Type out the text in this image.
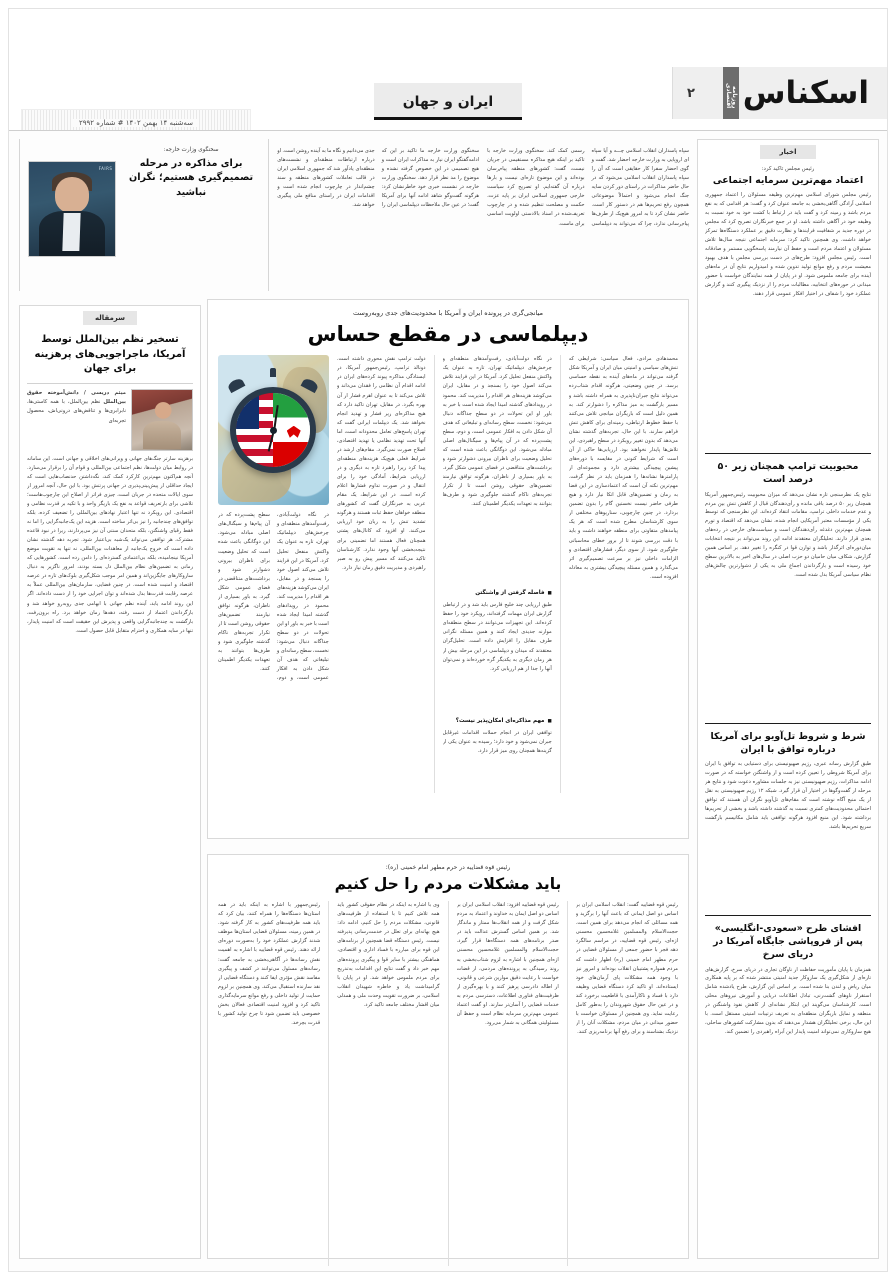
اسکناس
روزنامه اقتصادی
۲
ایران و جهان
سه‌شنبه ۱۴ بهمن ۱۴۰۲ # شماره ۲۹۹۲
سپاه پاسداران انقلاب اسلامی چـــه و آیا سپاه ای اروپایی به وزارت خارجه احضار شد. گفت و گوی احضار سفرا کار حقایقی است که آن را سپاه پاسداران انقلاب اسلامی می‌شود که در حال حاضر مذاکرات در راستای دور کردن سایه جنگ انجام می‌شود و احتمالاً موضوعاتی همچون رفع تحریم‌ها هم در دستور کار است. حاضر نشان کرد تا به امروز هیچ‌یک از طرف‌ها پیام‌رسانی ندارد، چرا که می‌تواند به دیپلماسی رسمی کمک کند. سخنگوی وزارت خارجه با تاکید بر اینکه هیچ مذاکره مستقیمی در جریان نیست، گفت: کشورهای منطقه پیام‌رسان بوده‌اند و این موضوع تازه‌ای نیست و بارها درباره آن گفته‌ایم. او تصریح کرد سیاست خارجی جمهوری اسلامی ایران بر پایه عزت، حکمت و مصلحت تنظیم شده و در چارچوب تعریف‌شده در اسناد بالادستی اولویت اساسی برای ماست.
سخنگوی وزارت خارجه ما تاکید بر این که ادامه‌گفتگو ایران نیاز به مذاکرات ایران است و هیچ تصمیمی در این خصوص گرفته نشده و موضوع را مد نظر قرار دهد. سخنگوی وزارت خارجه در نشست خبری خود خاطرنشان کرد: هرگونه گفت‌وگو شاهد ادامه آنها برای آمریکا گفت؛ در عین حال ملاحظات دیپلماسی ایران را جدی می‌دانیم و نگاه ما به آینده روشن است. او درباره ارتباطات منطقه‌ای و نشست‌های منطقه‌ای یادآور شد که جمهوری اسلامی ایران در قالب تعاملات کشورهای منطقه و سند چشم‌انداز در چارچوب انجام شده است و اقدامات ایران در راستای منافع ملی پیگیری خواهد شد.
سخنگوی وزارت خارجه:
برای مذاکره در مرحله تصمیم‌گیری هستیم؛ نگران نباشید
FAIRS
میانجی‌گری در پرونده ایران و آمریکا با محدودیت‌های جدی روبه‌روست
دیپلماسی در مقطع حساس
محمدهادی مرادی، فعال سیاسی: شرایطی که تنش‌های سیاسی و امنیتی میان ایران و آمریکا شکل گرفته می‌تواند در ماه‌های آینده به نقطه حساسی برسد. در چنین وضعیتی، هرگونه اقدام شتاب‌زده می‌تواند نتایج جبران‌ناپذیری به همراه داشته باشد و مسیر بازگشت به میز مذاکره را دشوارتر کند. به همین دلیل است که بازیگران میانجی تلاش می‌کنند با حفظ خطوط ارتباطی، زمینه‌ای برای کاهش تنش فراهم سازند. با این حال، تجربه‌های گذشته نشان می‌دهد که بدون تغییر رویکرد در سطح راهبردی، این تلاش‌ها پایدار نخواهند بود. ارزیابی‌ها حاکی از آن است که شرایط کنونی در مقایسه با دوره‌های پیشین پیچیدگی بیشتری دارد و مجموعه‌ای از پارامترها نشانه‌ها را همزمان باید در نظر گرفت. مهم‌ترین نکته آن است که اعتمادسازی در این فضا به زمان و تضمین‌های قابل اتکا نیاز دارد و هیچ طرفی حاضر نیست نخستین گام را بدون تضمین بردارد. در چنین چارچوبی، سناریوهای مختلفی از سوی کارشناسان مطرح شده است که هر یک پیامدهای متفاوتی برای منطقه خواهند داشت و باید با دقت بررسی شوند تا از بروز خطای محاسباتی جلوگیری شود. از سوی دیگر، فشارهای اقتصادی و الزامات داخلی نیز بر سرعت تصمیم‌گیری اثر می‌گذارد و همین مسئله پیچیدگی بیشتری به معادله افزوده است.
در نگاه دولت‌آبادی، رفت‌وآمدهای منطقه‌ای و چرخش‌های دیپلماتیک تهران، تازه به عنوان یک واکنش منفعل تحلیل کرد. آمریکا در این فرایند تلاش می‌کند اصول خود را بسنجد و در مقابل، ایران می‌کوشد هزینه‌های هر اقدام را مدیریت کند. محمود در رویدادهای گذشته امیدا ایجاد شده است با خبر به باور او این تحولات در دو سطح جداگانه دنبال می‌شود: نخست، سطح رسانه‌ای و تبلیغاتی که هدف آن شکل دادن به افکار عمومی است، و دوم، سطح پشت‌پرده که در آن پیام‌ها و سیگنال‌های اصلی مبادله می‌شود. این دوگانگی باعث شده است که تحلیل وضعیت برای ناظران بیرونی دشوارتر شود و برداشت‌های متناقضی در فضای عمومی شکل گیرد. به باور بسیاری از ناظران، هرگونه توافق نیازمند تضمین‌های حقوقی روشن است تا از تکرار تجربه‌های ناکام گذشته جلوگیری شود و طرف‌ها بتوانند به تعهدات یکدیگر اطمینان کنند.
■ فاصله گرفتن از واشنگتن
طبق ارزیابی چند خلیج فارس باید شد و در ارتباطی گزارش ایران مهمات گرفته‌اند، رویکرد خود را حفظ کرده‌اند. این تجهیزات می‌توانند در سطح منطقه‌ای موازنه جدیدی ایجاد کنند و همین مسئله نگرانی طرف مقابل را افزایش داده است. تحلیل‌گران معتقدند که میدان و دیپلماسی در این مرحله بیش از هر زمان دیگری به یکدیگر گره خورده‌اند و نمی‌توان آنها را جدا از هم ارزیابی کرد.
■ مهم مذاکره‌ای امکان‌پذیر نیست؟
توافقی ایران در انجام حملات اقدامات غیرقابل جبران نمی‌شود و خود دارد؛ رسیده به عنوان یکی از گزینه‌ها همچنان روی میز قرار دارد.
دولت ترامپ نقش محوری داشته است. دونالد ترامپ، رئیس‌جمهور آمریکا، در ایستادگی مذاکره پیوند کرده‌های ایران در ادامه اقدام آن نظامی را فقدان می‌داند و تلاش می‌کند تا به عنوان اهرم فشار از آن بهره بگیرد. در مقابل، تهران تاکید دارد که هیچ مذاکره‌ای زیر فشار و تهدید انجام نخواهد شد. یک دیپلمات ایرانی گفت که تهران پاسخ‌های تعامل محدودانه است، اما آنها تحت تهدید نظامی یا تهدید اقتصادی، اصلاح صورت نمی‌گیرد. مقام‌های ارشد در شرایط فعلی هیچ‌یک هزینه‌های منطقه‌ای پیدا کرد زیرا راهبرد تازه به دیگری و در ارزیابی شرایط، آمادگی خود را برای انتقال و در صورت تداوم فشارها اعلام کرده است. در این شرایط، یک مقام عربی به خبرنگاران گفت که کشورهای منطقه خواهان حفظ ثبات هستند و هرگونه تشدید تنش را به زیان خود ارزیابی می‌کنند. او افزود که کانال‌های پشتی همچنان فعال هستند اما تضمینی برای نتیجه‌بخشی آنها وجود ندارد. کارشناسان تاکید می‌کنند که مسیر پیش رو به صبر راهبردی و مدیریت دقیق زمان نیاز دارد.
در نگاه دولت‌آبادی، رفت‌وآمدهای منطقه‌ای و چرخش‌های دیپلماتیک تهران، تازه به عنوان یک واکنش منفعل تحلیل کرد. آمریکا در این فرایند تلاش می‌کند اصول خود را بسنجد و در مقابل، ایران می‌کوشد هزینه‌های هر اقدام را مدیریت کند. محمود در رویدادهای گذشته امیدا ایجاد شده است با خبر به باور او این تحولات در دو سطح جداگانه دنبال می‌شود: نخست، سطح رسانه‌ای و تبلیغاتی که هدف آن شکل دادن به افکار عمومی است، و دوم، سطح پشت‌پرده که در آن پیام‌ها و سیگنال‌های اصلی مبادله می‌شود. این دوگانگی باعث شده است که تحلیل وضعیت برای ناظران بیرونی دشوارتر شود و برداشت‌های متناقضی در فضای عمومی شکل گیرد. به باور بسیاری از ناظران، هرگونه توافق نیازمند تضمین‌های حقوقی روشن است تا از تکرار تجربه‌های ناکام گذشته جلوگیری شود و طرف‌ها بتوانند به تعهدات یکدیگر اطمینان کنند.
رئیس قوه قضاییه در حرم مطهر امام خمینی (ره):
باید مشکلات مردم را حل کنیم
رئیس قوه قضاییه گفت: انقلاب اسلامی ایران بر اساس دو اصل ایمانی که باعث آنها را برگزید و همه مسائلی که انجام می‌دهد برای همین است. حجت‌الاسلام والمسلمین غلامحسین محسنی اژه‌ای، رئیس قوه قضاییه، در مراسم سالگرد دهه فجر با حضور جمعی از مسئولان قضایی در حرم مطهر امام خمینی (ره) اظهار داشت که مردم همواره پشتیبان انقلاب بوده‌اند و امروز نیز با وجود همه مشکلات پای آرمان‌های خود ایستاده‌اند. او تاکید کرد دستگاه قضایی وظیفه دارد با فساد و ناکارآمدی با قاطعیت برخورد کند و در عین حال حقوق شهروندان را به‌طور کامل رعایت نماید. وی همچنین از مسئولان خواست با حضور میدانی در میان مردم، مشکلات آنان را از نزدیک بشناسند و برای رفع آنها برنامه‌ریزی کنند.
رئیس قوه قضاییه افزود: انقلاب اسلامی ایران بر اساس دو اصل ایمان به خداوند و اعتماد به مردم شکل گرفت و از همه انقلاب‌ها ممتاز و ماندگار شد. بر همین اساس گسترش عدالت باید در صدر برنامه‌های همه دستگاه‌ها قرار گیرد. حجت‌الاسلام والمسلمین غلامحسین محسنی اژه‌ای همچنین با اشاره به لزوم شتاب‌بخشی به روند رسیدگی به پرونده‌های مردمی، از قضات خواست با رعایت دقیق موازین شرعی و قانونی، از اطاله دادرسی پرهیز کنند و با بهره‌گیری از ظرفیت‌های فناوری اطلاعات، دسترسی مردم به خدمات قضایی را آسان‌تر سازند. او گفت اعتماد عمومی مهم‌ترین سرمایه نظام است و حفظ آن مسئولیتی همگانی به شمار می‌رود.
وی با اشاره به اینکه در نظام حقوقی کشور باید همه تلاش کنیم تا با استفاده از ظرفیت‌های قانونی، مشکلات مردم را حل کنیم، ادامه داد: هیچ بهانه‌ای برای تعلل در خدمت‌رسانی پذیرفته نیست. رئیس دستگاه قضا همچنین از برنامه‌های این قوه برای مبارزه با فساد اداری و اقتصادی، هماهنگی بیشتر با سایر قوا و پیگیری پرونده‌های مهم خبر داد و گفت نتایج این اقدامات به‌تدریج برای مردم ملموس خواهد شد. او در پایان با گرامیداشت یاد و خاطره شهیدان انقلاب اسلامی، بر ضرورت تقویت وحدت ملی و همدلی میان اقشار مختلف جامعه تاکید کرد.
رئیس‌جمهور با اشاره به اینکه باید در همه استان‌ها دستگاه‌ها را همراه کنند، بیان کرد که باید همه ظرفیت‌های کشور به کار گرفته شود. در همین زمینه، مسئولان قضایی استان‌ها موظف شدند گزارش عملکرد خود را به‌صورت دوره‌ای ارائه دهند. رئیس قوه قضاییه با اشاره به اهمیت نقش رسانه‌ها در آگاهی‌بخشی به جامعه گفت: رسانه‌های مسئول می‌توانند در کشف و پیگیری مفاسد نقش مؤثری ایفا کنند و دستگاه قضایی از نقد سازنده استقبال می‌کند. وی همچنین بر لزوم حمایت از تولید داخلی و رفع موانع سرمایه‌گذاری تاکید کرد و افزود امنیت اقتصادی فعالان بخش خصوصی باید تضمین شود تا چرخ تولید کشور با قدرت بچرخد.
سرمقاله
تسخیر نظم بین‌الملل توسط آمریکا، ماجراجویی‌های پرهزینه برای جهان
میثم دریسی / دانش‌آموخته حقوق بین‌الملل نظم بین‌الملل، با همه کاستی‌ها، نابرابری‌ها و تناقض‌های درونی‌اش، محصول تجربه‌ای
برهزینه سازتر جنگ‌های جهانی و ویرانی‌های اخلاقی و جهانی است. این سامانه در روابط میان دولت‌ها، نظم اجتماعی بین‌المللی و قوام آن را برقرار می‌سازد. آنچه هم‌اکنون مهم‌ترین کارکرد کمک کند، نگه‌داشتن حدنصاب‌هایی است که ایجاد حداقلی از پیش‌بینی‌پذیری در جهانی پرتنش بود. با این حال، آنچه امروز از سوی ایالات متحده در جریان است، چیزی فراتر از اصلاح این چارچوب‌هاست؛ تلاشی برای بازتعریف قواعد به نفع یک بازیگر واحد و با تکیه بر قدرت نظامی و اقتصادی. این رویکرد نه تنها اعتبار نهادهای بین‌المللی را تضعیف کرده، بلکه توافق‌های چندجانبه را نیز بی‌اثر ساخته است. هزینه این یک‌جانبه‌گرایی را اما نه فقط رقبای واشنگتن، بلکه متحدان سنتی آن نیز می‌پردازند، زیرا در نبود قاعده مشترک، هر توافقی می‌تواند یک‌شبه بی‌اعتبار شود. تجربه دهه گذشته نشان داده است که خروج یک‌جانبه از معاهدات بین‌المللی، نه تنها به تقویت موضع آمریکا نینجامیده، بلکه بی‌اعتمادی گسترده‌ای را دامن زده است. کشورهایی که زمانی به تضمین‌های نظام بین‌الملل دل بسته بودند، امروز ناگزیر به دنبال سازوکارهای جایگزین‌اند و همین امر موجب شکل‌گیری بلوک‌های تازه در عرصه اقتصاد و امنیت شده است. در چنین فضایی، سازمان‌های بین‌المللی عملاً به عرصه رقابت قدرت‌ها بدل شده‌اند و توان اجرایی خود را از دست داده‌اند. اگر این روند ادامه یابد، آینده نظم جهانی با ابهامی جدی روبه‌رو خواهد شد و بازگرداندن اعتماد از دست رفته، دهه‌ها زمان خواهد برد. راه برون‌رفت، بازگشت به چندجانبه‌گرایی واقعی و پذیرش این حقیقت است که امنیت پایدار، تنها در سایه همکاری و احترام متقابل قابل حصول است.
اخبار
رئیس مجلس تاکید کرد:
اعتماد مهم‌ترین سرمایه اجتماعی
رئیس مجلس شورای اسلامی مهم‌ترین وظیفه مسئولان را اعتماد جمهوری اسلامی آزادگی آگاهی‌بخشی به جامعه عنوان کرد و گفت: هر اقدامی که به نفع مردم باشد و زمینه کرد و گفت باید در ارتباط با کشت خود به خود نسبت به وظیفه خود در آگاهی داشته باشد. او در جمع خبرنگاران تصریح کرد که مجلس در دوره جدید بر شفافیت فرایندها و نظارت دقیق بر عملکرد دستگاه‌ها تمرکز خواهد داشت. وی همچنین تاکید کرد: سرمایه اجتماعی نتیجه سال‌ها تلاش مسئولان و اعتماد مردم است و حفظ آن نیازمند پاسخگویی مستمر و صادقانه است. رئیس مجلس افزود: طرح‌های در دست بررسی مجلس با هدف بهبود معیشت مردم و رفع موانع تولید تدوین شده و امیدواریم نتایج آن در ماه‌های آینده برای جامعه ملموس شود. او در پایان از همه نمایندگان خواست با حضور میدانی در حوزه‌های انتخابیه، مطالبات مردم را از نزدیک پیگیری کنند و گزارش عملکرد خود را شفاف در اختیار افکار عمومی قرار دهند.
محبوبیت ترامپ همچنان زیر ۵۰ درصد است
نتایج یک نظرسنجی تازه نشان می‌دهد که میزان محبوبیت رئیس‌جمهور آمریکا همچنان زیر ۵۰ درصد باقی مانده و رأی‌دهندگان قبال از کاهش تنش بین مردم و عدم خدمات داخلی ترامپ، مقامات انتقاد کرده‌اند. این نظرسنجی که توسط یکی از مؤسسات معتبر آمریکایی انجام شده، نشان می‌دهد که اقتصاد و تورم همچنان مهم‌ترین دغدغه رأی‌دهندگان است و سیاست‌های خارجی در رده‌های بعدی قرار دارند. تحلیلگران معتقدند ادامه این روند می‌تواند بر نتیجه انتخابات میان‌دوره‌ای اثرگذار باشد و توازن قوا در کنگره را تغییر دهد. بر اساس همین گزارش، شکاف میان حامیان دو حزب اصلی در سال‌های اخیر به بالاترین سطح خود رسیده است و بازگرداندن اجماع ملی به یکی از دشوارترین چالش‌های نظام سیاسی آمریکا بدل شده است.
شرط و شروط تل‌آویو برای آمریکا درباره توافق با ایران
طبق گزارش رسانه عبری، رژیم صهیونیستی برای دستیابی به توافق با ایران برای آمریکا شروطی را تعیین کرده است و از واشنگتن خواسته که در صورت ادامه مذاکرات، رژیم صهیونیستی نیز به جلسات مشاوره دعوت شود و نتایج هر مرحله از گفت‌وگوها در اختیار آن قرار گیرد. شبکه ۱۲ رژیم صهیونیستی به نقل از یک منبع آگاه نوشته است که مقام‌های تل‌آویو نگران آن هستند که توافق احتمالی محدودیت‌های کمتری نسبت به گذشته داشته باشد و بخشی از تحریم‌ها برداشته شود. این منبع افزود هرگونه توافقی باید شامل مکانیسم بازگشت سریع تحریم‌ها باشد.
افشای طرح «سعودی-انگلیسی» پس از فروپاشی جایگاه آمریکا در دریای سرخ
همزمان با پایان مأموریت حفاظت از ناوگان تجاری در دریای سرخ، گزارش‌های تازه‌ای از شکل‌گیری یک سازوکار جدید امنیتی منتشر شده که بر پایه همکاری میان ریاض و لندن بنا شده است. بر اساس این گزارش، طرح یادشده شامل استقرار ناوهای گشت‌زنی، تبادل اطلاعات دریایی و آموزش نیروهای محلی است. کارشناسان می‌گویند این ابتکار نشانه‌ای از کاهش نفوذ واشنگتن در منطقه و تمایل بازیگران منطقه‌ای به تعریف ترتیبات امنیتی مستقل است. با این حال، برخی تحلیلگران هشدار می‌دهند که بدون مشارکت کشورهای ساحلی، هیچ سازوکاری نمی‌تواند امنیت پایدار این آبراه راهبردی را تضمین کند.
